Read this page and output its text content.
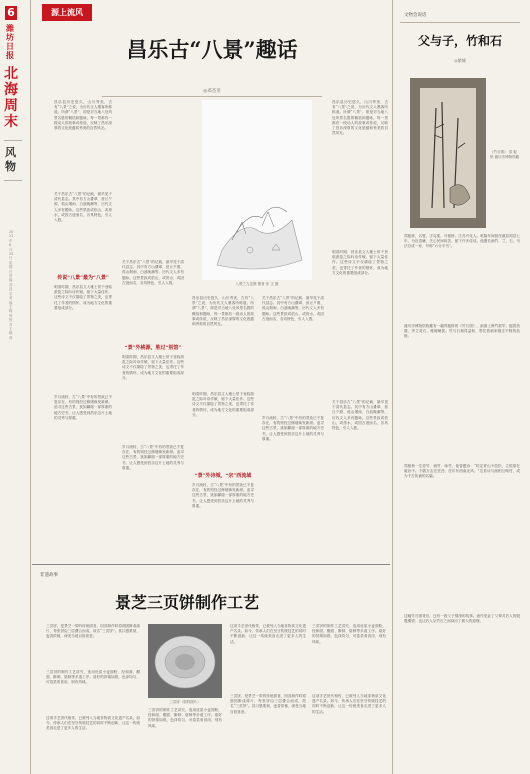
6
潍坊日报
北海周末
风物
2023年6月25日 星期日 责编 刘廷宗 美编 王晓帅 校对 王晓帅
源上流风
昌乐古“八景”趣话
◎邓杰亚
八景之九龙图 图者 东 文 摄
昌乐县历史悠久，山川秀美，古有“八景”之说，为历代文人墨客所称道。所谓“八景”，即是对当地八处风景名胜的概括和题咏，每一景都有一段动人的故事或传说，反映了昌乐深厚的文化底蕴和秀美的自然风光。
关于昌乐古“八景”的记载，最早见于清代县志。其中有方山叠翠、营丘夕照、孤山烟雨、白浪晚潮等，历代文人多有题咏。这些景致或依山，或傍水，或因古迹而名，各具特色，引人入胜。
传说“八景”最为“八景”
明清时期，昌乐县文人雅士常于登临游览之际吟诗作赋，留下大量佳作。这些诗文不仅描绘了景物之美，也寄托了作者的情怀，成为地方文化的重要组成部分。
岁月流转，古“八景”中有的景致已不复存在，有的则经过修缮焕发新颜。追寻这些古景，犹如翻阅一部厚重的地方史书，让人感受到昌乐这片土地的灵秀与厚重。
关于昌乐古“八景”的记载，最早见于清代县志。其中有方山叠翠、营丘夕照、孤山烟雨、白浪晚潮等，历代文人多有题咏。这些景致或依山，或傍水，或因古迹而名，各具特色，引人入胜。
“景”外桃源，胜过“别馆”
明清时期，昌乐县文人雅士常于登临游览之际吟诗作赋，留下大量佳作。这些诗文不仅描绘了景物之美，也寄托了作者的情怀，成为地方文化的重要组成部分。
岁月流转，古“八景”中有的景致已不复存在，有的则经过修缮焕发新颜。追寻这些古景，犹如翻阅一部厚重的地方史书，让人感受到昌乐这片土地的灵秀与厚重。
昌乐县历史悠久，山川秀美，古有“八景”之说，为历代文人墨客所称道。所谓“八景”，即是对当地八处风景名胜的概括和题咏，每一景都有一段动人的故事或传说，反映了昌乐深厚的文化底蕴和秀美的自然风光。
明清时期，昌乐县文人雅士常于登临游览之际吟诗作赋，留下大量佳作。这些诗文不仅描绘了景物之美，也寄托了作者的情怀，成为地方文化的重要组成部分。
“景”外诗城，“宗”西流域
岁月流转，古“八景”中有的景致已不复存在，有的则经过修缮焕发新颜。追寻这些古景，犹如翻阅一部厚重的地方史书，让人感受到昌乐这片土地的灵秀与厚重。
关于昌乐古“八景”的记载，最早见于清代县志。其中有方山叠翠、营丘夕照、孤山烟雨、白浪晚潮等，历代文人多有题咏。这些景致或依山，或傍水，或因古迹而名，各具特色，引人入胜。
岁月流转，古“八景”中有的景致已不复存在，有的则经过修缮焕发新颜。追寻这些古景，犹如翻阅一部厚重的地方史书，让人感受到昌乐这片土地的灵秀与厚重。
昌乐县历史悠久，山川秀美，古有“八景”之说，为历代文人墨客所称道。所谓“八景”，即是对当地八处风景名胜的概括和题咏，每一景都有一段动人的故事或传说，反映了昌乐深厚的文化底蕴和秀美的自然风光。
明清时期，昌乐县文人雅士常于登临游览之际吟诗作赋，留下大量佳作。这些诗文不仅描绘了景物之美，也寄托了作者的情怀，成为地方文化的重要组成部分。
关于昌乐古“八景”的记载，最早见于清代县志。其中有方山叠翠、营丘夕照、孤山烟雨、白浪晚潮等，历代文人多有题咏。这些景致或依山，或傍水，或因古迹而名，各具特色，引人入胜。
文物会说话
父与子，竹和石
◎紫城
《竹石图》 清 板桥 潍坊市博物馆藏
郑板桥，名燮，字克柔，号板桥，江苏兴化人。乾隆年间曾任潍县知县七年，为官清廉，关心民间疾苦，留下许多佳话。他擅长画竹、兰、石，书法自成一家，号称“六分半书”。
潍坊市博物馆收藏有一幅郑板桥的《竹石图》，画面上修竹数竿，挺拔劲健，旁立奇石，瘦硬峭拔。竹与石相得益彰，寄托着画家刚正不阿的品格。
郑板桥一生爱竹、画竹、咏竹，他曾题诗：“咬定青山不放松，立根原在破岩中。千磨万击还坚劲，任尔东西南北风。”这首诗与画相互映衬，成为千古传诵的名篇。
这幅竹石图背后，还有一段父子情深的故事。画作见证了父辈对后人的殷殷期望，也让后人从竹石之间读出了做人的道理。
非遗故事
景芝三页饼制作工艺
三页饼（资料图片）
三页饼，是景芝一带的传统面食，因其制作时将面团擀成薄片，每张饼由三层叠合而成，故名“三页饼”。其口感柔韧，麦香浓郁，深受当地百姓喜爱。
三页饼的制作工艺讲究，选用优质小麦面粉，经和面、醒面、擀制、烙制等多道工序。烙好的饼薄如纸，色泽均匀，可卷菜肴食用，别有风味。
这项手艺世代相传，已被列入当地非物质文化遗产名录。如今，传承人们在坚守传统技艺的同时不断创新，让这一传统美食走进了更多人的生活。
三页饼的制作工艺讲究，选用优质小麦面粉，经和面、醒面、擀制、烙制等多道工序。烙好的饼薄如纸，色泽均匀，可卷菜肴食用，别有风味。
这项手艺世代相传，已被列入当地非物质文化遗产名录。如今，传承人们在坚守传统技艺的同时不断创新，让这一传统美食走进了更多人的生活。
三页饼，是景芝一带的传统面食，因其制作时将面团擀成薄片，每张饼由三层叠合而成，故名“三页饼”。其口感柔韧，麦香浓郁，深受当地百姓喜爱。
三页饼的制作工艺讲究，选用优质小麦面粉，经和面、醒面、擀制、烙制等多道工序。烙好的饼薄如纸，色泽均匀，可卷菜肴食用，别有风味。
这项手艺世代相传，已被列入当地非物质文化遗产名录。如今，传承人们在坚守传统技艺的同时不断创新，让这一传统美食走进了更多人的生活。
